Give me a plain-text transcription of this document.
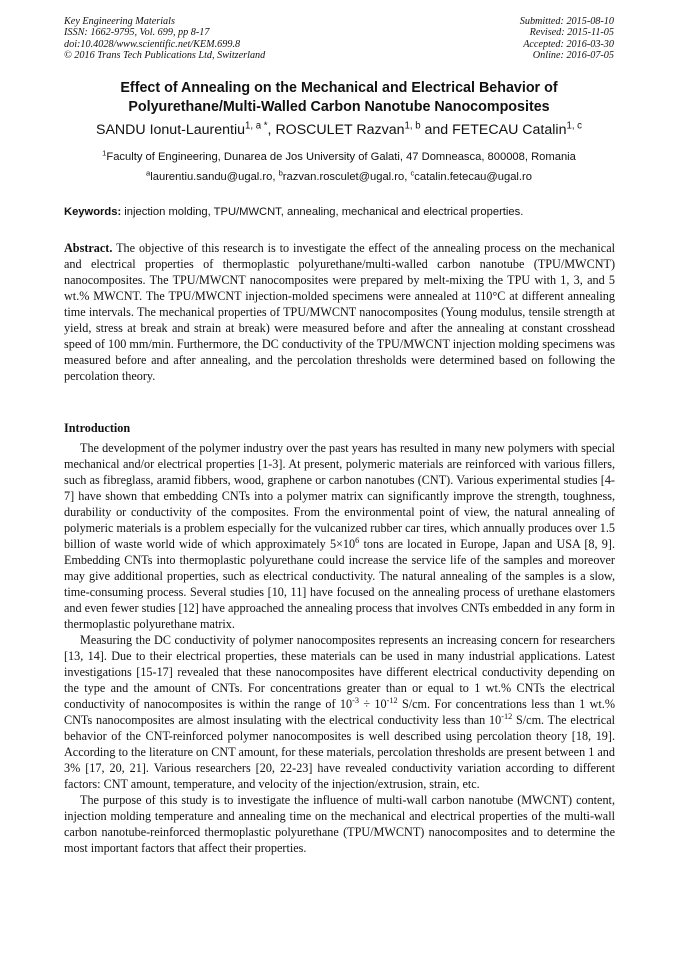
Key Engineering Materials
ISSN: 1662-9795, Vol. 699, pp 8-17
doi:10.4028/www.scientific.net/KEM.699.8
© 2016 Trans Tech Publications Ltd, Switzerland
Submitted: 2015-08-10
Revised: 2015-11-05
Accepted: 2016-03-30
Online: 2016-07-05
Effect of Annealing on the Mechanical and Electrical Behavior of
Polyurethane/Multi-Walled Carbon Nanotube Nanocomposites
SANDU Ionut-Laurentiu$^{1, a *}$, ROSCULET Razvan$^{1, b}$ and FETECAU Catalin$^{1, c}$
$^1$Faculty of Engineering, Dunarea de Jos University of Galati, 47 Domneasca, 800008, Romania
$^a$laurentiu.sandu@ugal.ro, $^b$razvan.rosculet@ugal.ro, $^c$catalin.fetecau@ugal.ro
Keywords: injection molding, TPU/MWCNT, annealing, mechanical and electrical properties.
Abstract. The objective of this research is to investigate the effect of the annealing process on the mechanical and electrical properties of thermoplastic polyurethane/multi-walled carbon nanotube (TPU/MWCNT) nanocomposites. The TPU/MWCNT nanocomposites were prepared by melt-mixing the TPU with 1, 3, and 5 wt.% MWCNT. The TPU/MWCNT injection-molded specimens were annealed at 110°C at different annealing time intervals. The mechanical properties of TPU/MWCNT nanocomposites (Young modulus, tensile strength at yield, stress at break and strain at break) were measured before and after the annealing at constant crosshead speed of 100 mm/min. Furthermore, the DC conductivity of the TPU/MWCNT injection molding specimens was measured before and after annealing, and the percolation thresholds were determined based on following the percolation theory.
Introduction

The development of the polymer industry over the past years has resulted in many new polymers with special mechanical and/or electrical properties [1-3]. At present, polymeric materials are reinforced with various fillers, such as fibreglass, aramid fibbers, wood, graphene or carbon nanotubes (CNT). Various experimental studies [4-7] have shown that embedding CNTs into a polymer matrix can significantly improve the strength, toughness, durability or conductivity of the composites. From the environmental point of view, the natural annealing of polymeric materials is a problem especially for the vulcanized rubber car tires, which annually produces over 1.5 billion of waste world wide of which approximately $5\times 10^6$ tons are located in Europe, Japan and USA [8, 9]. Embedding CNTs into thermoplastic polyurethane could increase the service life of the samples and moreover may give additional properties, such as electrical conductivity. The natural annealing of the samples is a slow, time-consuming process. Several studies [10, 11] have focused on the annealing process of urethane elastomers and even fewer studies [12] have approached the annealing process that involves CNTs embedded in any form in thermoplastic polyurethane matrix.

Measuring the DC conductivity of polymer nanocomposites represents an increasing concern for researchers [13, 14]. Due to their electrical properties, these materials can be used in many industrial applications. Latest investigations [15-17] revealed that these nanocomposites have different electrical conductivity depending on the type and the amount of CNTs. For concentrations greater than or equal to 1 wt.% CNTs the electrical conductivity of nanocomposites is within the range of $10^{-3} \div 10^{-12}$ S/cm. For concentrations less than 1 wt.% CNTs nanocomposites are almost insulating with the electrical conductivity less than $10^{-12}$ S/cm. The electrical behavior of the CNT-reinforced polymer nanocomposites is well described using percolation theory [18, 19]. According to the literature on CNT amount, for these materials, percolation thresholds are present between 1 and 3% [17, 20, 21]. Various researchers [20, 22-23] have revealed conductivity variation according to different factors: CNT amount, temperature, and velocity of the injection/extrusion, strain, etc.

The purpose of this study is to investigate the influence of multi-wall carbon nanotube (MWCNT) content, injection molding temperature and annealing time on the mechanical and electrical properties of the multi-wall carbon nanotube-reinforced thermoplastic polyurethane (TPU/MWCNT) nanocomposites and to determine the most important factors that affect their properties.
